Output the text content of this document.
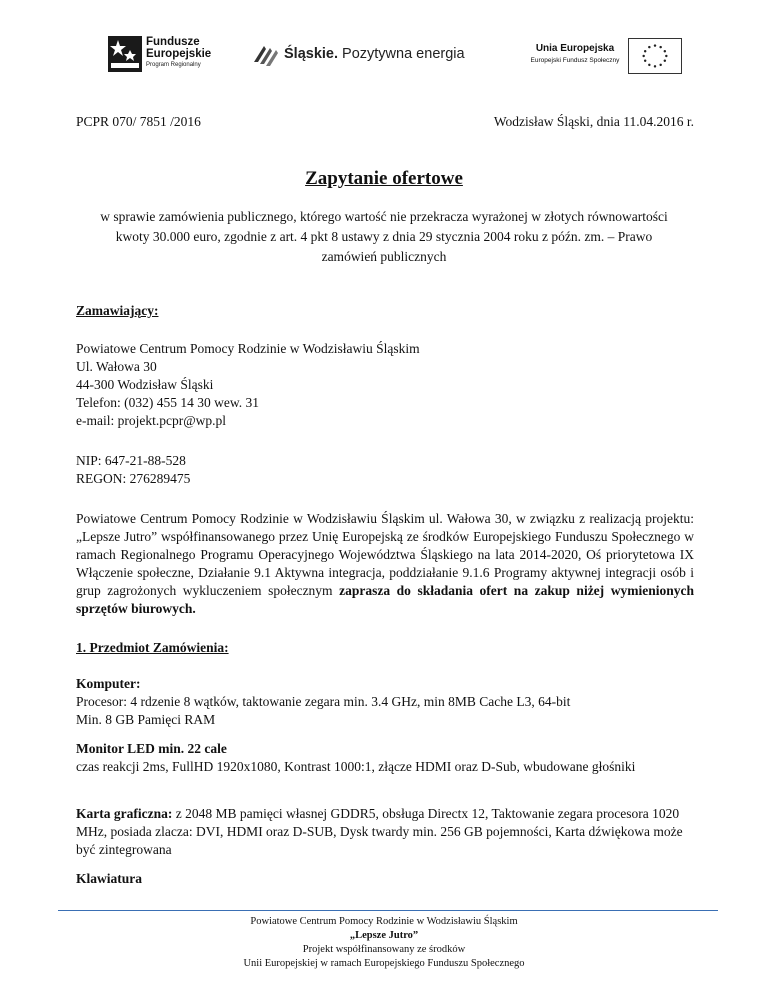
Fundusze
Europejskie
Program Regionalny
Śląskie. Pozytywna energia	Unia Europejska
Europejski Fundusz Społeczny
PCPR 070/ 7851 /2016	Wodzisław Śląski, dnia 11.04.2016 r.
Zapytanie ofertowe
w sprawie zamówienia publicznego, którego wartość nie przekracza wyrażonej w złotych równowartości kwoty 30.000 euro, zgodnie z art. 4 pkt 8 ustawy z dnia 29 stycznia 2004 roku z późn. zm. – Prawo zamówień publicznych
Zamawiający:
Powiatowe Centrum Pomocy Rodzinie w Wodzisławiu Śląskim
Ul. Wałowa 30
44-300 Wodzisław Śląski
Telefon: (032) 455 14 30 wew. 31
e-mail: projekt.pcpr@wp.pl
NIP: 647-21-88-528
REGON: 276289475
Powiatowe Centrum Pomocy Rodzinie w Wodzisławiu Śląskim ul. Wałowa 30, w związku z realizacją projektu: „Lepsze Jutro” współfinansowanego przez Unię Europejską ze środków Europejskiego Funduszu Społecznego w ramach Regionalnego Programu Operacyjnego Województwa Śląskiego na lata 2014-2020, Oś priorytetowa IX Włączenie społeczne, Działanie 9.1 Aktywna integracja, poddziałanie 9.1.6 Programy aktywnej integracji osób i grup zagrożonych wykluczeniem społecznym zaprasza do składania ofert na zakup niżej wymienionych sprzętów biurowych.
1. Przedmiot Zamówienia:
Komputer:
Procesor: 4 rdzenie 8 wątków, taktowanie zegara min. 3.4 GHz, min 8MB Cache L3, 64-bit
Min. 8 GB Pamięci RAM
Monitor LED min. 22 cale
czas reakcji 2ms, FullHD 1920x1080, Kontrast 1000:1, złącze HDMI oraz D-Sub, wbudowane głośniki
Karta graficzna: z 2048 MB pamięci własnej GDDR5, obsługa Directx 12, Taktowanie zegara procesora 1020 MHz, posiada zlacza: DVI, HDMI oraz D-SUB, Dysk twardy min. 256 GB pojemności, Karta dźwiękowa może być zintegrowana
Klawiatura
Powiatowe Centrum Pomocy Rodzinie w Wodzisławiu Śląskim
„Lepsze Jutro”
Projekt współfinansowany ze środków
Unii Europejskiej w ramach Europejskiego Funduszu Społecznego
